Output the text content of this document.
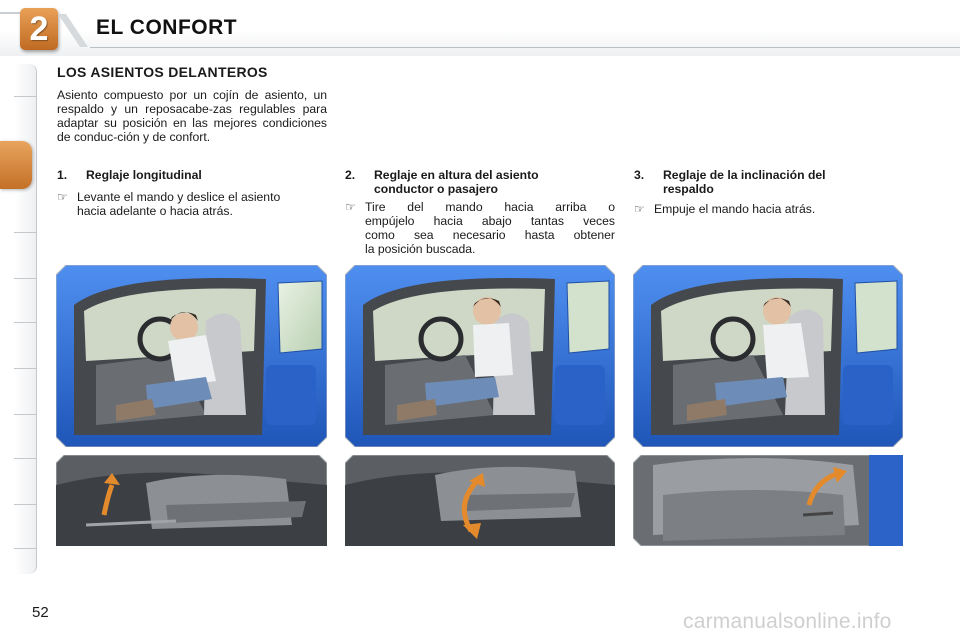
2	EL CONFORT
LOS ASIENTOS DELANTEROS
Asiento compuesto por un cojín de asiento, un respaldo y un reposacabe-zas regulables para adaptar su posición en las mejores condiciones de conduc-ción y de confort.
1. Reglaje longitudinal
☞ Levante el mando y deslice el asiento
hacia adelante o hacia atrás.
2. Reglaje en altura del asiento
conductor o pasajero
☞ Tire del mando hacia arriba o
empújelo hacia abajo tantas veces
como sea necesario hasta obtener
la posición buscada.
3. Reglaje de la inclinación del
respaldo
☞ Empuje el mando hacia atrás.
52	carmanualsonline.info
